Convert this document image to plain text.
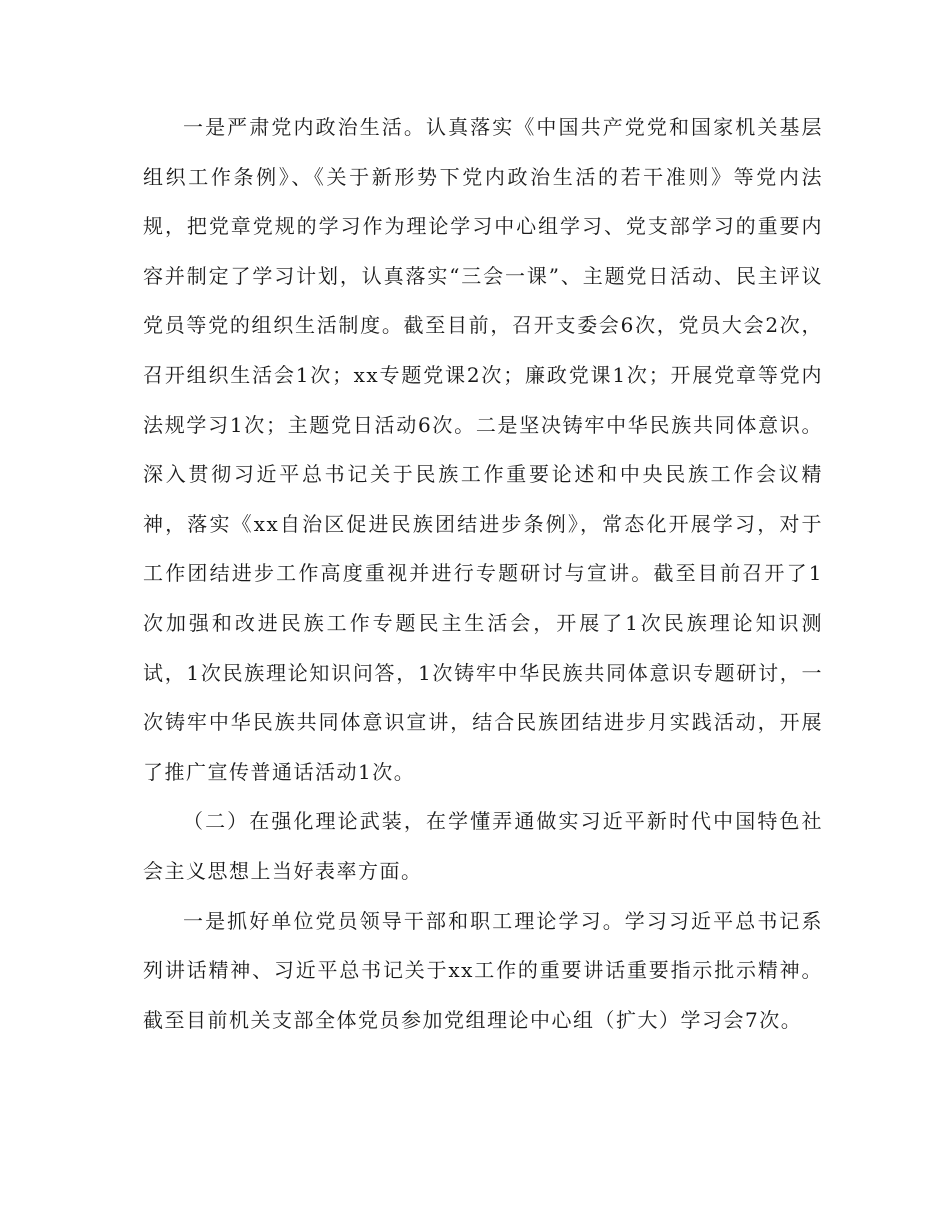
一是严肃党内政治生活。认真落实《中国共产党党和国家机关基层组织工作条例》、《关于新形势下党内政治生活的若干准则》等党内法规，把党章党规的学习作为理论学习中心组学习、党支部学习的重要内容并制定了学习计划，认真落实“三会一课”、主题党日活动、民主评议党员等党的组织生活制度。截至目前，召开支委会6次，党员大会2次，召开组织生活会1次；xx专题党课2次；廉政党课1次；开展党章等党内法规学习1次；主题党日活动6次。二是坚决铸牢中华民族共同体意识。深入贯彻习近平总书记关于民族工作重要论述和中央民族工作会议精神，落实《xx自治区促进民族团结进步条例》，常态化开展学习，对于工作团结进步工作高度重视并进行专题研讨与宣讲。截至目前召开了1次加强和改进民族工作专题民主生活会，开展了1次民族理论知识测试，1次民族理论知识问答，1次铸牢中华民族共同体意识专题研讨，一次铸牢中华民族共同体意识宣讲，结合民族团结进步月实践活动，开展了推广宣传普通话活动1次。

（二）在强化理论武装，在学懂弄通做实习近平新时代中国特色社会主义思想上当好表率方面。

一是抓好单位党员领导干部和职工理论学习。学习习近平总书记系列讲话精神、习近平总书记关于xx工作的重要讲话重要指示批示精神。截至目前机关支部全体党员参加党组理论中心组（扩大）学习会7次。
